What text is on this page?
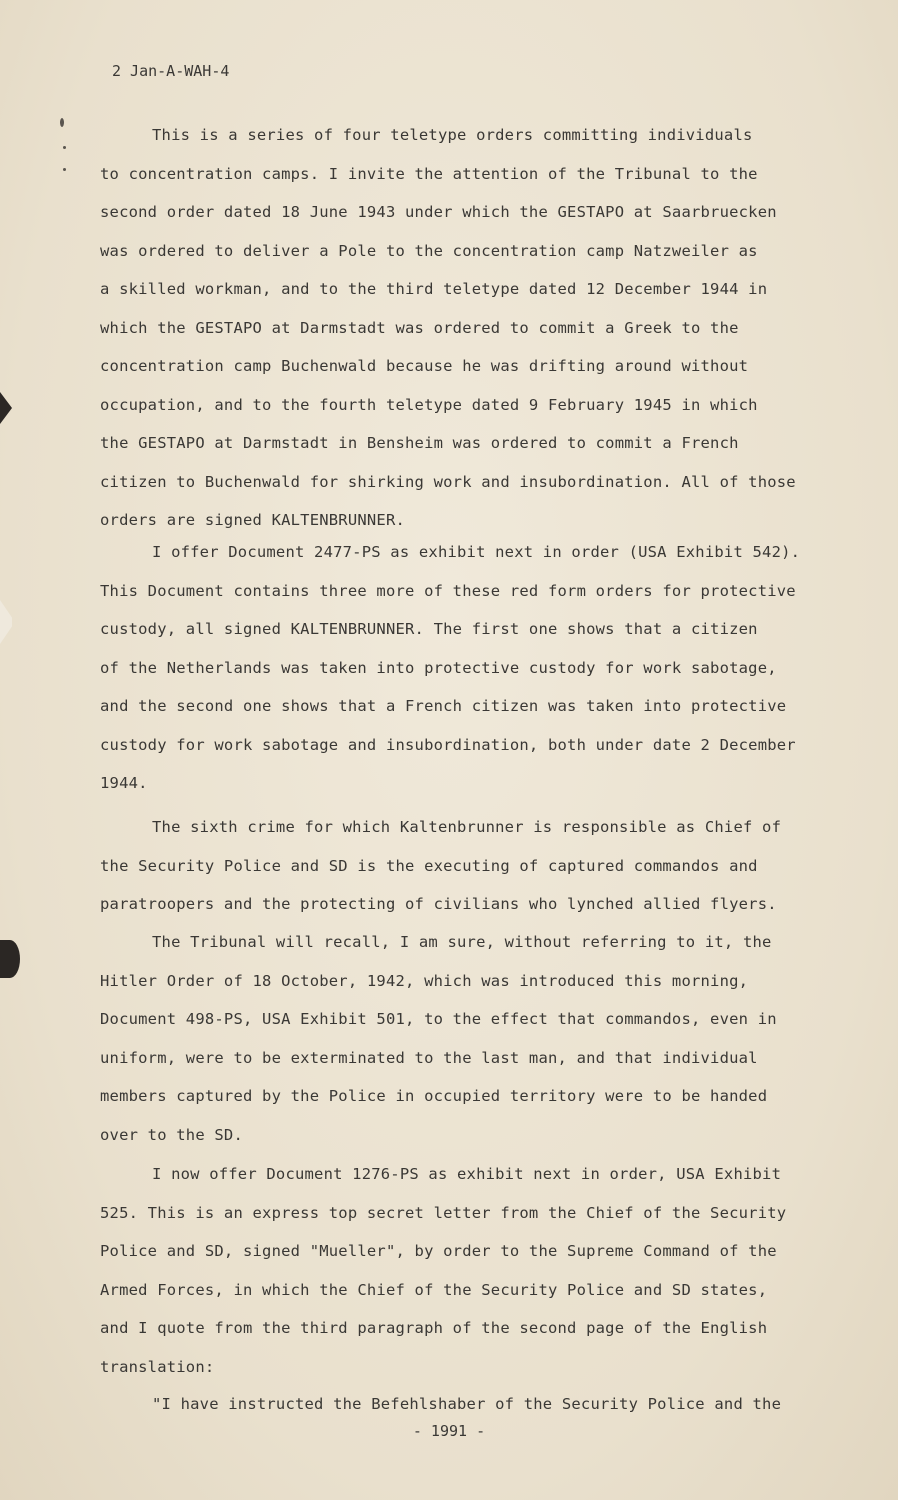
2 Jan-A-WAH-4
This is a series of four teletype orders committing individuals
to concentration camps. I invite the attention of the Tribunal to the
second order dated 18 June 1943 under which the GESTAPO at Saarbruecken
was ordered to deliver a Pole to the concentration camp Natzweiler as
a skilled workman, and to the third teletype dated 12 December 1944 in
which the GESTAPO at Darmstadt was ordered to commit a Greek to the
concentration camp Buchenwald because he was drifting around without
occupation, and to the fourth teletype dated 9 February 1945 in which
the GESTAPO at Darmstadt in Bensheim was ordered to commit a French
citizen to Buchenwald for shirking work and insubordination. All of those
orders are signed KALTENBRUNNER.
I offer Document 2477-PS as exhibit next in order (USA Exhibit 542).
This Document contains three more of these red form orders for protective
custody, all signed KALTENBRUNNER. The first one shows that a citizen
of the Netherlands was taken into protective custody for work sabotage,
and the second one shows that a French citizen was taken into protective
custody for work sabotage and insubordination, both under date 2 December
1944.
The sixth crime for which Kaltenbrunner is responsible as Chief of
the Security Police and SD is the executing of captured commandos and
paratroopers and the protecting of civilians who lynched allied flyers.
The Tribunal will recall, I am sure, without referring to it, the
Hitler Order of 18 October, 1942, which was introduced this morning,
Document 498-PS, USA Exhibit 501, to the effect that commandos, even in
uniform, were to be exterminated to the last man, and that individual
members captured by the Police in occupied territory were to be handed
over to the SD.
I now offer Document 1276-PS as exhibit next in order, USA Exhibit
525. This is an express top secret letter from the Chief of the Security
Police and SD, signed "Mueller", by order to the Supreme Command of the
Armed Forces, in which the Chief of the Security Police and SD states,
and I quote from the third paragraph of the second page of the English
translation:
"I have instructed the Befehlshaber of the Security Police and the
- 1991 -
